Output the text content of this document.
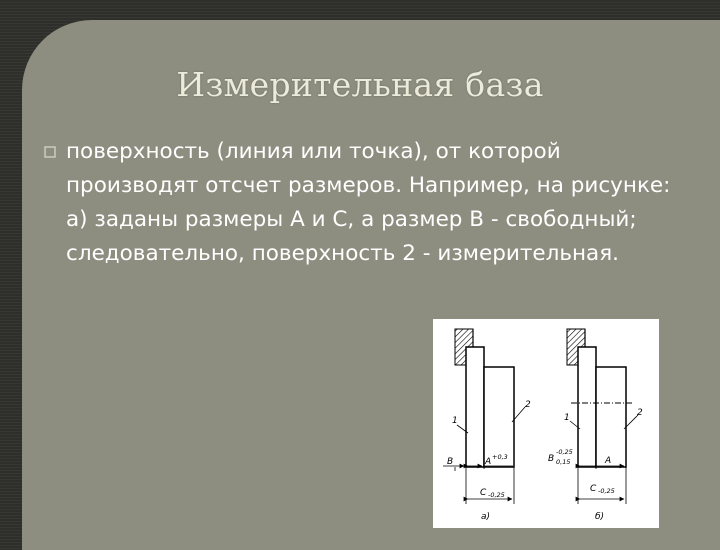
Измерительная база

поверхность (линия или точка), от которой производят отсчет размеров. Например, на рисунке: а) заданы размеры А и С, а размер В - свободный; следовательно, поверхность 2 - измерительная.

1
2
B	A +0,3
C -0,25
а)
1	2
B
-0,25
0,15	A
C -0,25
б)
